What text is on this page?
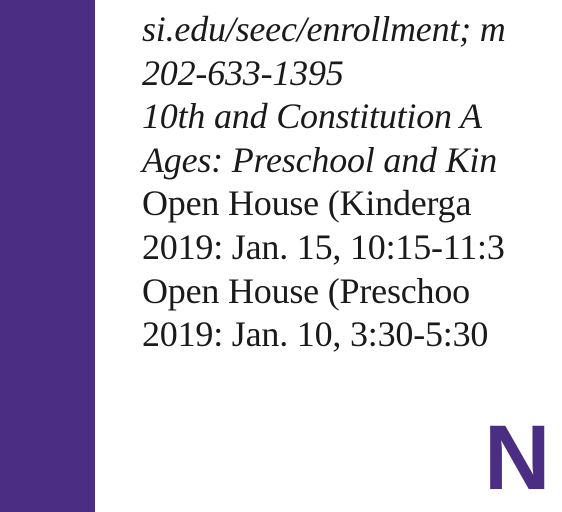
si.edu/seec/enrollment; m
202-633-1395
10th and Constitution A
Ages: Preschool and Kin
Open House (Kinderga
2019: Jan. 15, 10:15-11:3
Open House (Preschoo
2019: Jan. 10, 3:30-5:30
N
